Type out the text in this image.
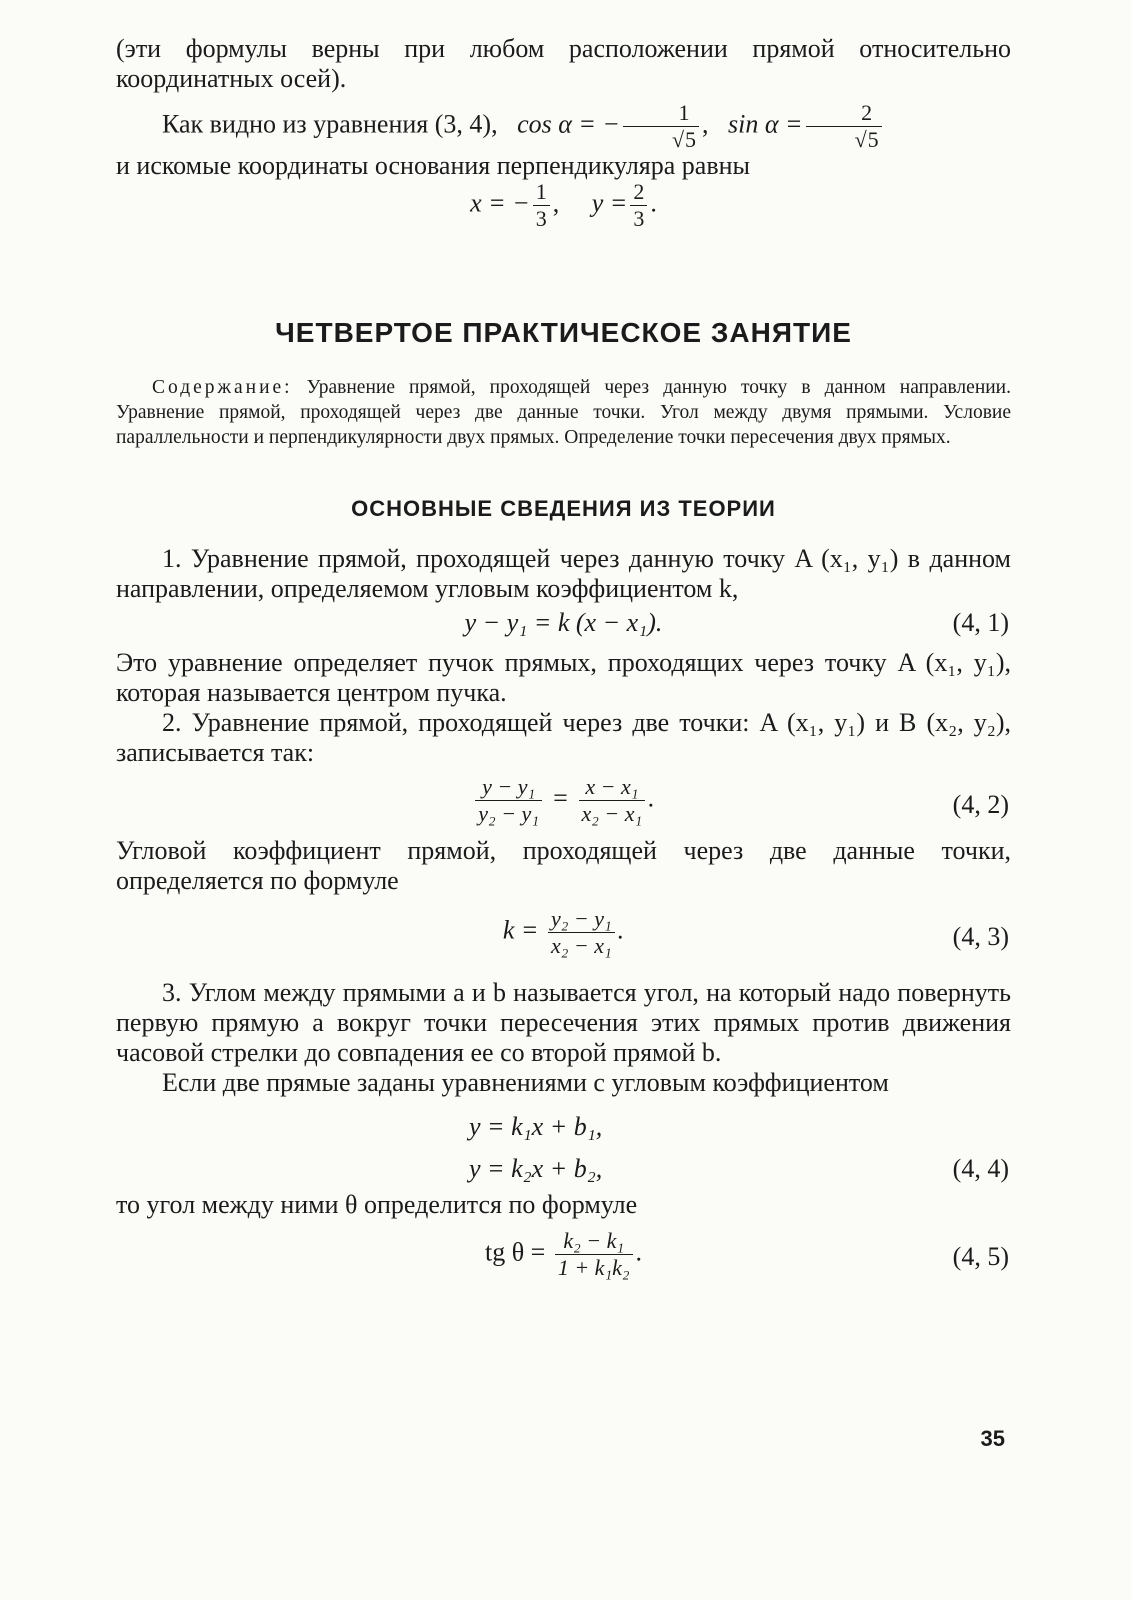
(эти формулы верны при любом расположении прямой относительно координатных осей).

Как видно из уравнения (3, 4), cos α = − $\frac{1}{√5}$ ,   $\sin \alpha = \frac{2}{√5}$

и искомые координаты основания перпендикуляра равны

x = − $\frac{1}{3}$ ,     $y = \frac{2}{3}$ .
ЧЕТВЕРТОЕ ПРАКТИЧЕСКОЕ ЗАНЯТИЕ

Содержание: Уравнение прямой, проходящей через данную точку в данном направлении. Уравнение прямой, проходящей через две данные точки. Угол между двумя прямыми. Условие параллельности и перпендикулярности двух прямых. Определение точки пересечения двух прямых.

ОСНОВНЫЕ СВЕДЕНИЯ ИЗ ТЕОРИИ

1. Уравнение прямой, проходящей через данную точку A (x₁, y₁) в данном направлении, определяемом угловым коэффициентом k,

y − y₁ = k (x − x₁).	(4, 1)

Это уравнение определяет пучок прямых, проходящих через точку A (x₁, y₁), которая называется центром пучка.

2. Уравнение прямой, проходящей через две точки: A (x₁, y₁) и B (x₂, y₂), записывается так:

$\frac{\text{y − y₁}}{\text{y₂ − y₁}} = \frac{\text{x − x₁}}{\text{x₂ − x₁}}$ .	(4, 2)

Угловой коэффициент прямой, проходящей через две данные точки, определяется по формуле

$k = \frac{\text{y₂ − y₁}}{\text{x₂ − x₁}}$ .	(4, 3)

3. Углом между прямыми a и b называется угол, на который надо повернуть первую прямую a вокруг точки пересечения этих прямых против движения часовой стрелки до совпадения ее со второй прямой b.

Если две прямые заданы уравнениями с угловым коэффициентом

y = k₁x + b₁,
y = k₂x + b₂,	(4, 4)

то угол между ними θ определится по формуле

tg $\theta = \frac{\text{k₂ − k₁}}{\text{1 + k₁k₂}}$ .	(4, 5)
35
